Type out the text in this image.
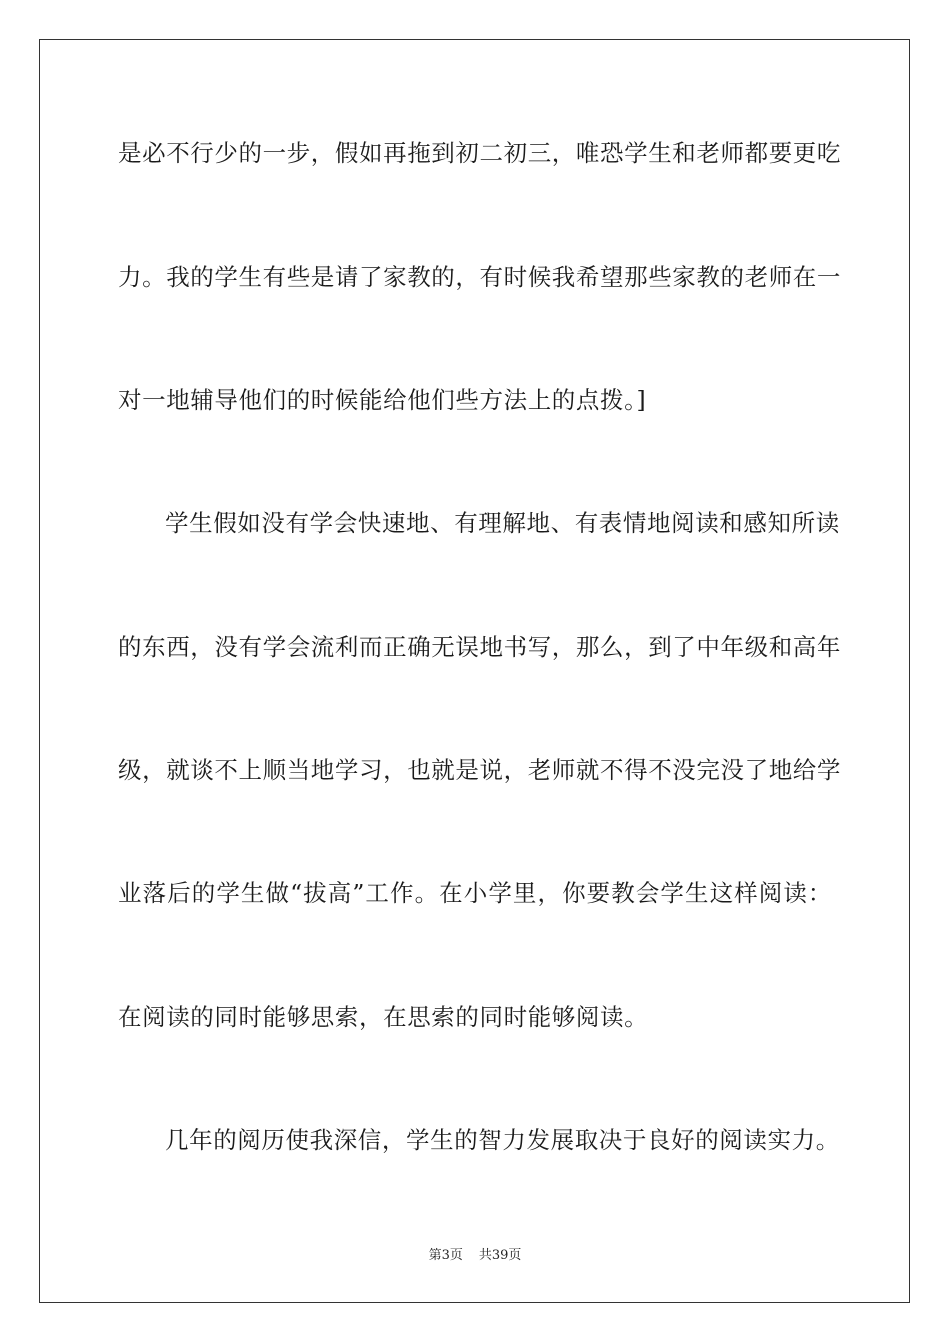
是必不行少的一步，假如再拖到初二初三，唯恐学生和老师都要更吃
力。我的学生有些是请了家教的，有时候我希望那些家教的老师在一
对一地辅导他们的时候能给他们些方法上的点拨。]
学生假如没有学会快速地、有理解地、有表情地阅读和感知所读
的东西，没有学会流利而正确无误地书写，那么，到了中年级和高年
级，就谈不上顺当地学习，也就是说，老师就不得不没完没了地给学
业落后的学生做“拔高”工作。在小学里，你要教会学生这样阅读：
在阅读的同时能够思索，在思索的同时能够阅读。
几年的阅历使我深信，学生的智力发展取决于良好的阅读实力。
第3页 共39页
